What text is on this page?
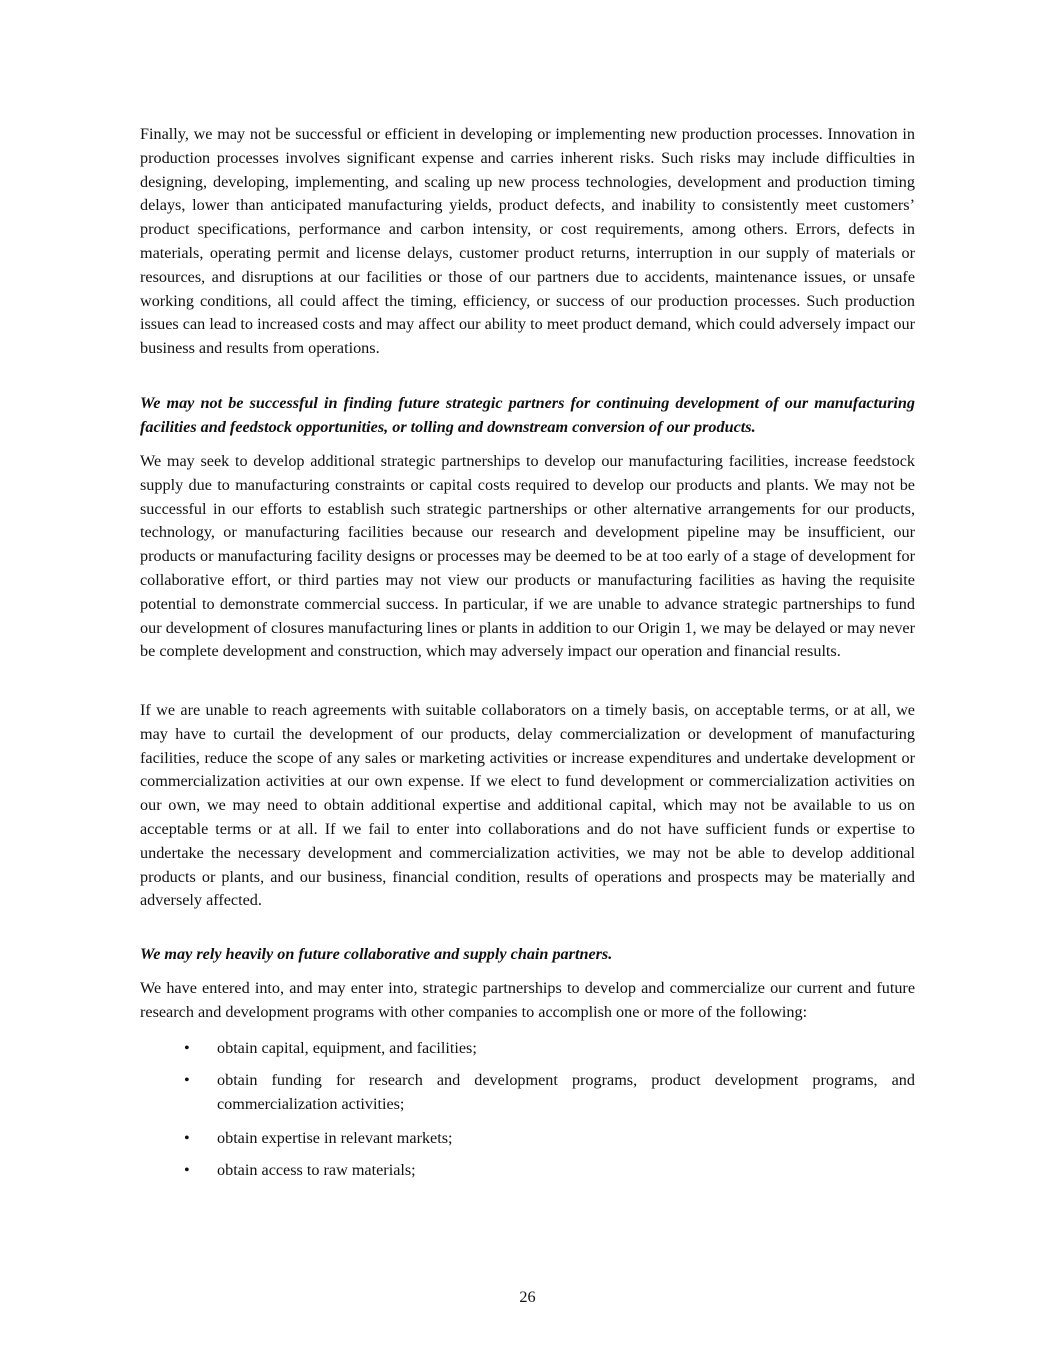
Finally, we may not be successful or efficient in developing or implementing new production processes. Innovation in production processes involves significant expense and carries inherent risks. Such risks may include difficulties in designing, developing, implementing, and scaling up new process technologies, development and production timing delays, lower than anticipated manufacturing yields, product defects, and inability to consistently meet customers’ product specifications, performance and carbon intensity, or cost requirements, among others. Errors, defects in materials, operating permit and license delays, customer product returns, interruption in our supply of materials or resources, and disruptions at our facilities or those of our partners due to accidents, maintenance issues, or unsafe working conditions, all could affect the timing, efficiency, or success of our production processes. Such production issues can lead to increased costs and may affect our ability to meet product demand, which could adversely impact our business and results from operations.

We may not be successful in finding future strategic partners for continuing development of our manufacturing facilities and feedstock opportunities, or tolling and downstream conversion of our products.

We may seek to develop additional strategic partnerships to develop our manufacturing facilities, increase feedstock supply due to manufacturing constraints or capital costs required to develop our products and plants. We may not be successful in our efforts to establish such strategic partnerships or other alternative arrangements for our products, technology, or manufacturing facilities because our research and development pipeline may be insufficient, our products or manufacturing facility designs or processes may be deemed to be at too early of a stage of development for collaborative effort, or third parties may not view our products or manufacturing facilities as having the requisite potential to demonstrate commercial success. In particular, if we are unable to advance strategic partnerships to fund our development of closures manufacturing lines or plants in addition to our Origin 1, we may be delayed or may never be complete development and construction, which may adversely impact our operation and financial results.

If we are unable to reach agreements with suitable collaborators on a timely basis, on acceptable terms, or at all, we may have to curtail the development of our products, delay commercialization or development of manufacturing facilities, reduce the scope of any sales or marketing activities or increase expenditures and undertake development or commercialization activities at our own expense. If we elect to fund development or commercialization activities on our own, we may need to obtain additional expertise and additional capital, which may not be available to us on acceptable terms or at all. If we fail to enter into collaborations and do not have sufficient funds or expertise to undertake the necessary development and commercialization activities, we may not be able to develop additional products or plants, and our business, financial condition, results of operations and prospects may be materially and adversely affected.

We may rely heavily on future collaborative and supply chain partners.

We have entered into, and may enter into, strategic partnerships to develop and commercialize our current and future research and development programs with other companies to accomplish one or more of the following:

• obtain capital, equipment, and facilities;
• obtain funding for research and development programs, product development programs, and commercialization activities;
• obtain expertise in relevant markets;
• obtain access to raw materials;
26
